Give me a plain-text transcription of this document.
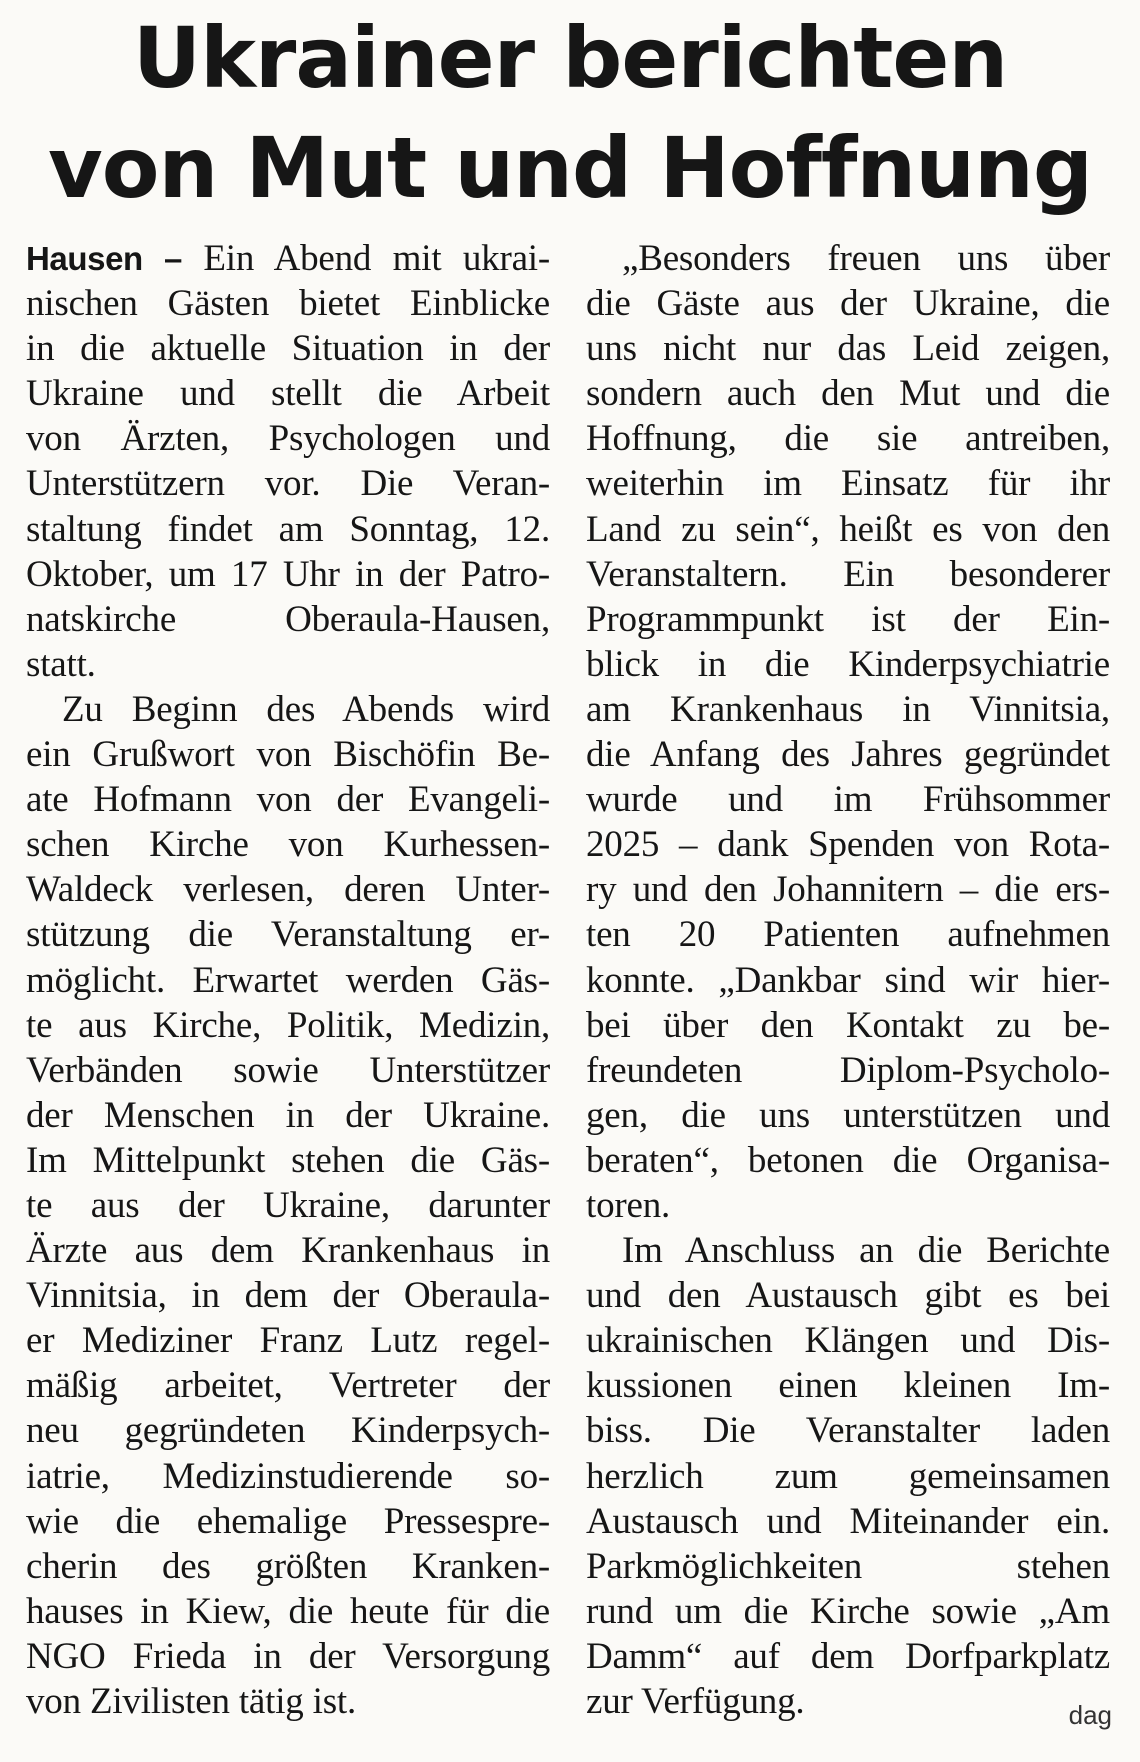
Ukrainer berichten
von Mut und Hoffnung
Hausen – Ein Abend mit ukrai-
nischen Gästen bietet Einblicke
in die aktuelle Situation in der
Ukraine und stellt die Arbeit
von Ärzten, Psychologen und
Unterstützern vor. Die Veran-
staltung findet am Sonntag, 12.
Oktober, um 17 Uhr in der Patro-
natskirche Oberaula-Hausen,
statt.
Zu Beginn des Abends wird
ein Grußwort von Bischöfin Be-
ate Hofmann von der Evangeli-
schen Kirche von Kurhessen-
Waldeck verlesen, deren Unter-
stützung die Veranstaltung er-
möglicht. Erwartet werden Gäs-
te aus Kirche, Politik, Medizin,
Verbänden sowie Unterstützer
der Menschen in der Ukraine.
Im Mittelpunkt stehen die Gäs-
te aus der Ukraine, darunter
Ärzte aus dem Krankenhaus in
Vinnitsia, in dem der Oberaula-
er Mediziner Franz Lutz regel-
mäßig arbeitet, Vertreter der
neu gegründeten Kinderpsych-
iatrie, Medizinstudierende so-
wie die ehemalige Pressespre-
cherin des größten Kranken-
hauses in Kiew, die heute für die
NGO Frieda in der Versorgung
von Zivilisten tätig ist.
„Besonders freuen uns über
die Gäste aus der Ukraine, die
uns nicht nur das Leid zeigen,
sondern auch den Mut und die
Hoffnung, die sie antreiben,
weiterhin im Einsatz für ihr
Land zu sein“, heißt es von den
Veranstaltern. Ein besonderer
Programmpunkt ist der Ein-
blick in die Kinderpsychiatrie
am Krankenhaus in Vinnitsia,
die Anfang des Jahres gegründet
wurde und im Frühsommer
2025 – dank Spenden von Rota-
ry und den Johannitern – die ers-
ten 20 Patienten aufnehmen
konnte. „Dankbar sind wir hier-
bei über den Kontakt zu be-
freundeten Diplom-Psycholo-
gen, die uns unterstützen und
beraten“, betonen die Organisa-
toren.
Im Anschluss an die Berichte
und den Austausch gibt es bei
ukrainischen Klängen und Dis-
kussionen einen kleinen Im-
biss. Die Veranstalter laden
herzlich zum gemeinsamen
Austausch und Miteinander ein.
Parkmöglichkeiten stehen
rund um die Kirche sowie „Am
Damm“ auf dem Dorfparkplatz
zur Verfügung.	dag
